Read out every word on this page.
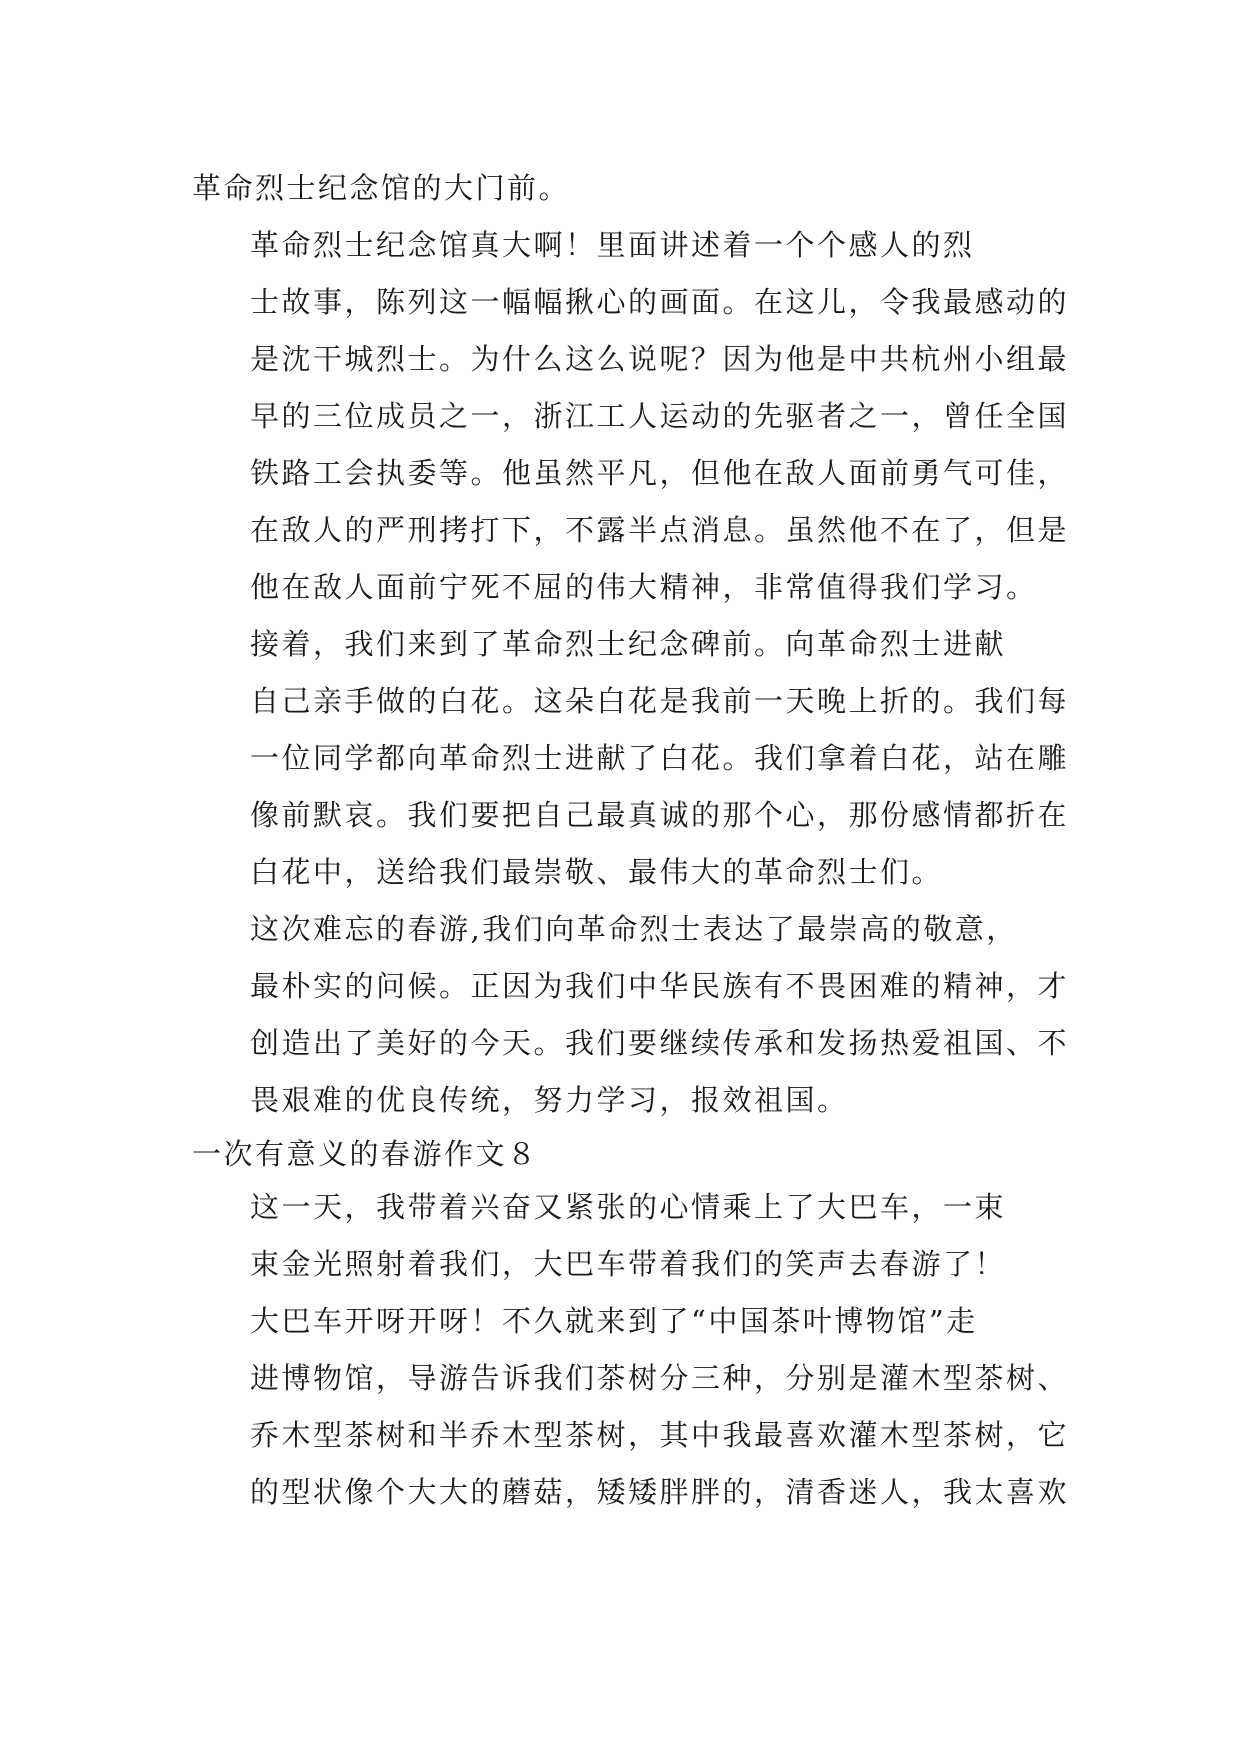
革命烈士纪念馆的大门前。

革命烈士纪念馆真大啊！里面讲述着一个个感人的烈
士故事，陈列这一幅幅揪心的画面。在这儿，令我最感动的
是沈干城烈士。为什么这么说呢？因为他是中共杭州小组最
早的三位成员之一，浙江工人运动的先驱者之一，曾任全国
铁路工会执委等。他虽然平凡，但他在敌人面前勇气可佳，
在敌人的严刑拷打下，不露半点消息。虽然他不在了，但是
他在敌人面前宁死不屈的伟大精神，非常值得我们学习。

接着，我们来到了革命烈士纪念碑前。向革命烈士进献
自己亲手做的白花。这朵白花是我前一天晚上折的。我们每
一位同学都向革命烈士进献了白花。我们拿着白花，站在雕
像前默哀。我们要把自己最真诚的那个心，那份感情都折在
白花中，送给我们最崇敬、最伟大的革命烈士们。

这次难忘的春游,我们向革命烈士表达了最崇高的敬意，
最朴实的问候。正因为我们中华民族有不畏困难的精神，才
创造出了美好的今天。我们要继续传承和发扬热爱祖国、不
畏艰难的优良传统，努力学习，报效祖国。

一次有意义的春游作文８

这一天，我带着兴奋又紧张的心情乘上了大巴车，一束
束金光照射着我们，大巴车带着我们的笑声去春游了！

大巴车开呀开呀！不久就来到了“中国茶叶博物馆”走
进博物馆，导游告诉我们茶树分三种，分别是灌木型茶树、
乔木型茶树和半乔木型茶树，其中我最喜欢灌木型茶树，它
的型状像个大大的蘑菇，矮矮胖胖的，清香迷人，我太喜欢
